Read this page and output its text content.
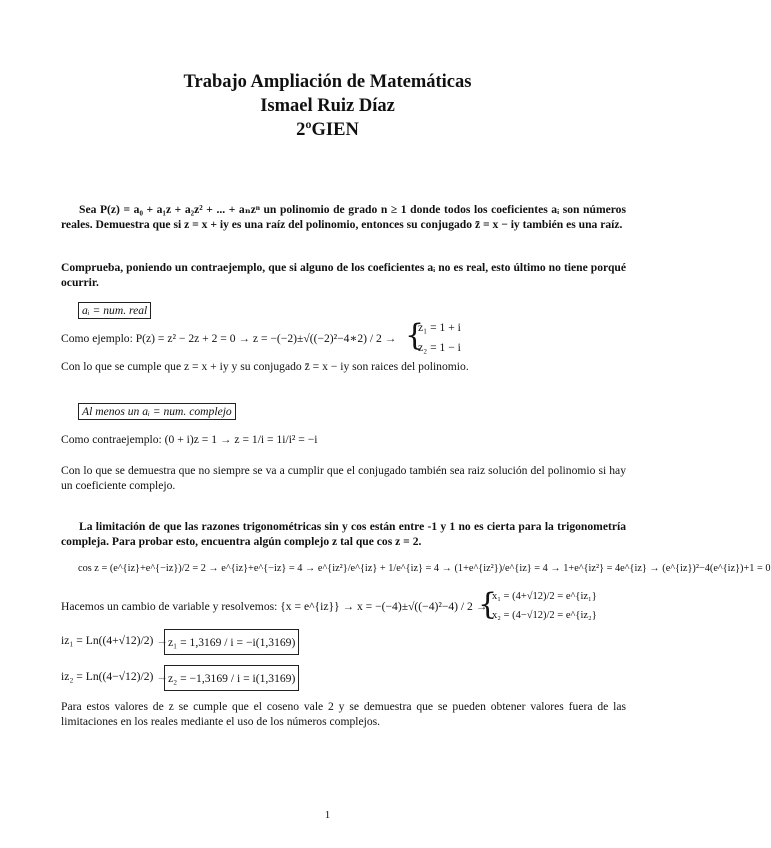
Trabajo Ampliación de Matemáticas
Ismael Ruiz Díaz
2ºGIEN
Sea P(z) = a₀ + a₁z + a₂z² + ... + aₙzⁿ un polinomio de grado n ≥ 1 donde todos los coeficientes aᵢ son números reales. Demuestra que si z = x + iy es una raíz del polinomio, entonces su conjugado z̄ = x − iy también es una raíz.
Comprueba, poniendo un contraejemplo, que si alguno de los coeficientes aᵢ no es real, esto último no tiene porqué ocurrir.
aᵢ = num. real
Como ejemplo: P(z) = z² − 2z + 2 = 0 → z = −(−2)±√((−2)²−4∗2) / 2 → {
z₁ = 1 + i
z₂ = 1 − i
Con lo que se cumple que z = x + iy y su conjugado z̄ = x − iy son raices del polinomio.
Al menos un aᵢ = num. complejo
Como contraejemplo: (0 + i)z = 1 → z = 1/i = 1i/i² = −i
Con lo que se demuestra que no siempre se va a cumplir que el conjugado también sea raiz solución del polinomio si hay un coeficiente complejo.
La limitación de que las razones trigonométricas sin y cos están entre -1 y 1 no es cierta para la trigonometría compleja. Para probar esto, encuentra algún complejo z tal que cos z = 2.
cos z = (e^{iz}+e^{−iz})/2 = 2 → e^{iz}+e^{−iz} = 4 → e^{iz²}/e^{iz} + 1/e^{iz} = 4 → (1+e^{iz²})/e^{iz} = 4 → 1+e^{iz²} = 4e^{iz} → (e^{iz})²−4(e^{iz})+1 = 0
Hacemos un cambio de variable y resolvemos: {x = e^{iz}} → x = −(−4)±√((−4)²−4) / 2 →
{
x₁ = (4+√12)/2 = e^{iz₁}
x₂ = (4−√12)/2 = e^{iz₂}
iz₁ = Ln((4+√12)/2) → z₁ = 1,3169 / i = −i(1,3169)
iz₂ = Ln((4−√12)/2) → z₂ = −1,3169 / i = i(1,3169)
Para estos valores de z se cumple que el coseno vale 2 y se demuestra que se pueden obtener valores fuera de las limitaciones en los reales mediante el uso de los números complejos.
1
